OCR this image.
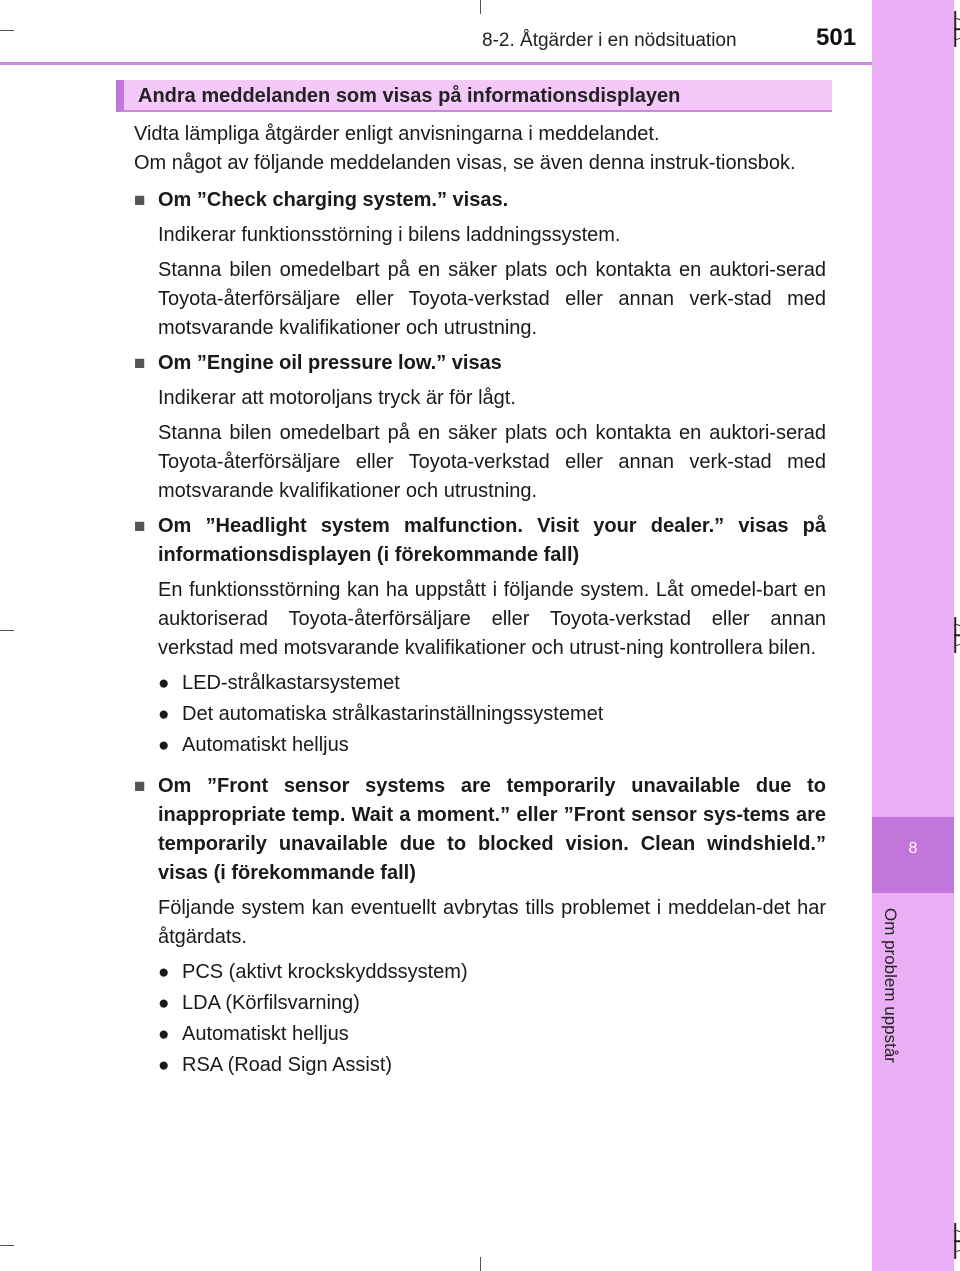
8-2. Åtgärder i en nödsituation	501
8
Om problem uppstår
Andra meddelanden som visas på informationsdisplayen

Vidta lämpliga åtgärder enligt anvisningarna i meddelandet.

Om något av följande meddelanden visas, se även denna instruk-tionsbok.

■ Om ”Check charging system.” visas.

Indikerar funktionsstörning i bilens laddningssystem.

Stanna bilen omedelbart på en säker plats och kontakta en auktori-serad Toyota-återförsäljare eller Toyota-verkstad eller annan verk-stad med motsvarande kvalifikationer och utrustning.

■ Om ”Engine oil pressure low.” visas

Indikerar att motoroljans tryck är för lågt.

Stanna bilen omedelbart på en säker plats och kontakta en auktori-serad Toyota-återförsäljare eller Toyota-verkstad eller annan verk-stad med motsvarande kvalifikationer och utrustning.

■ Om ”Headlight system malfunction. Visit your dealer.” visas på informationsdisplayen (i förekommande fall)

En funktionsstörning kan ha uppstått i följande system. Låt omedel-bart en auktoriserad Toyota-återförsäljare eller Toyota-verkstad eller annan verkstad med motsvarande kvalifikationer och utrust-ning kontrollera bilen.

● LED-strålkastarsystemet
● Det automatiska strålkastarinställningssystemet
● Automatiskt helljus
■ Om ”Front sensor systems are temporarily unavailable due to inappropriate temp. Wait a moment.” eller ”Front sensor sys-tems are temporarily unavailable due to blocked vision. Clean windshield.” visas (i förekommande fall)

Följande system kan eventuellt avbrytas tills problemet i meddelan-det har åtgärdats.

● PCS (aktivt krockskyddssystem)
● LDA (Körfilsvarning)
● Automatiskt helljus
● RSA (Road Sign Assist)
